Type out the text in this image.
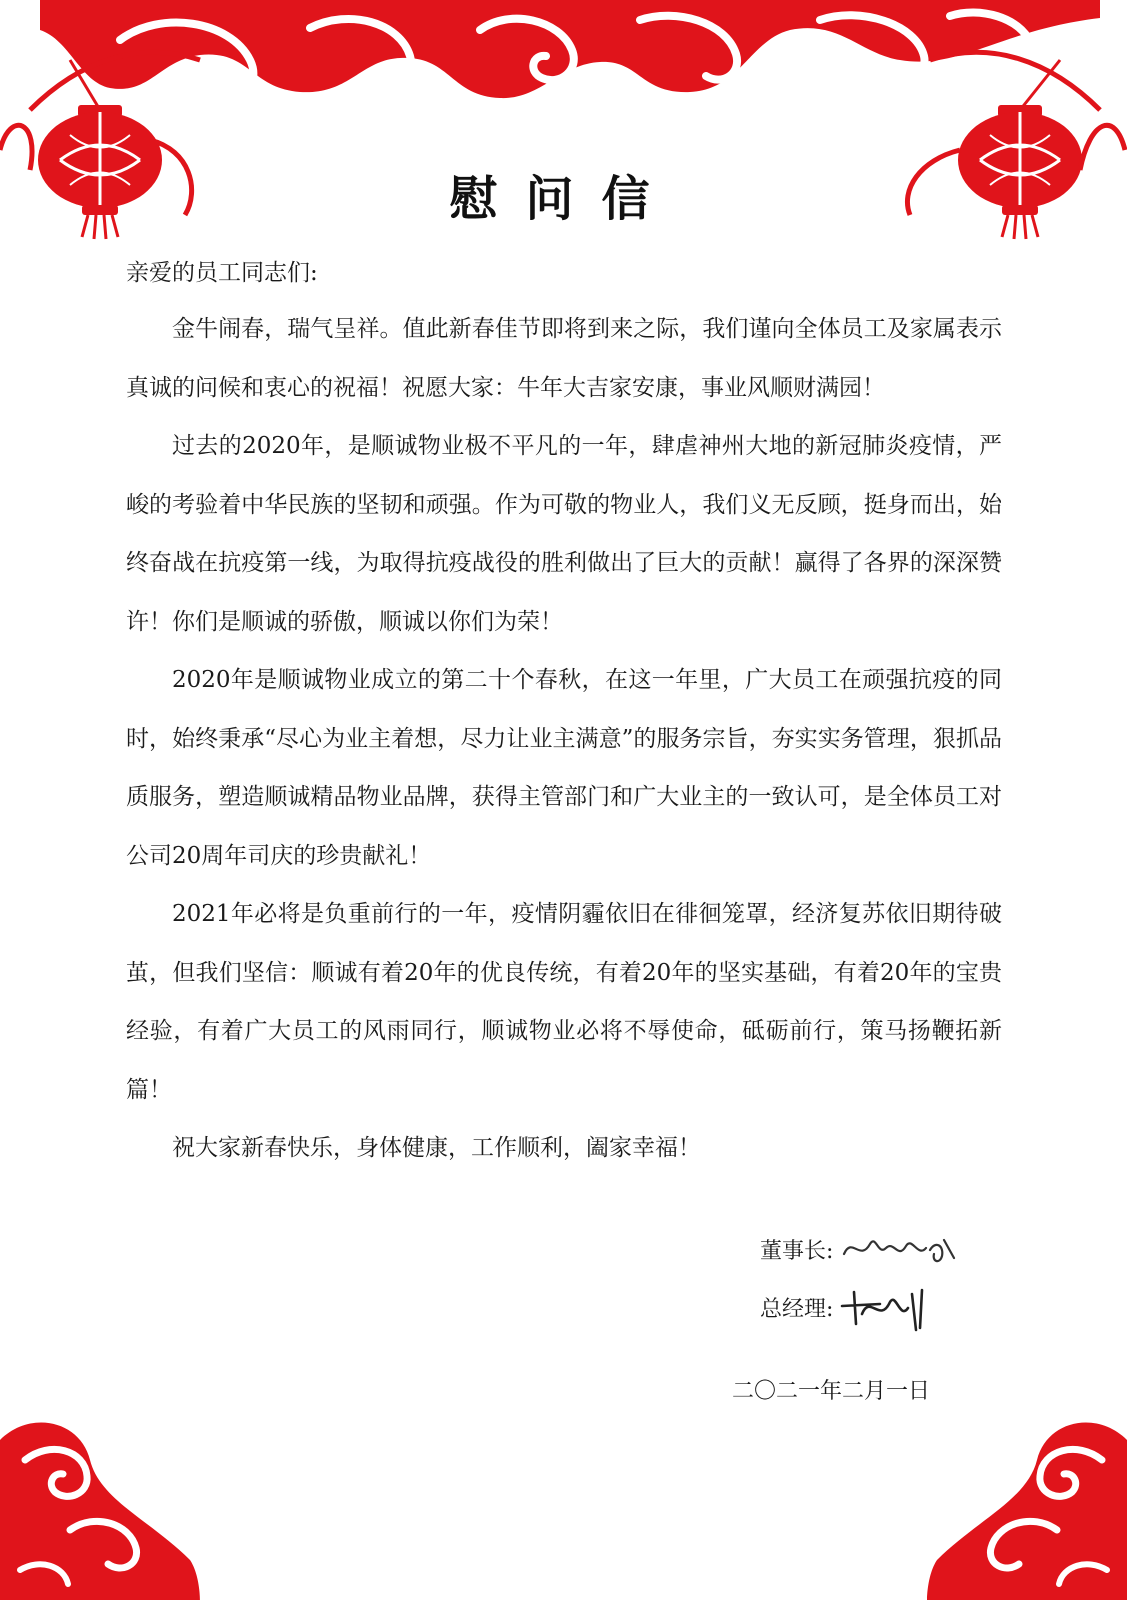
慰问信

亲爱的员工同志们:

金牛闹春，瑞气呈祥。值此新春佳节即将到来之际，我们谨向全体员工及家属表示真诚的问候和衷心的祝福！祝愿大家：牛年大吉家安康，事业风顺财满园！

过去的2020年，是顺诚物业极不平凡的一年，肆虐神州大地的新冠肺炎疫情，严峻的考验着中华民族的坚韧和顽强。作为可敬的物业人，我们义无反顾，挺身而出，始终奋战在抗疫第一线，为取得抗疫战役的胜利做出了巨大的贡献！赢得了各界的深深赞许！你们是顺诚的骄傲，顺诚以你们为荣！

2020年是顺诚物业成立的第二十个春秋，在这一年里，广大员工在顽强抗疫的同时，始终秉承“尽心为业主着想，尽力让业主满意”的服务宗旨，夯实实务管理，狠抓品质服务，塑造顺诚精品物业品牌，获得主管部门和广大业主的一致认可，是全体员工对公司20周年司庆的珍贵献礼！

2021年必将是负重前行的一年，疫情阴霾依旧在徘徊笼罩，经济复苏依旧期待破茧，但我们坚信：顺诚有着20年的优良传统，有着20年的坚实基础，有着20年的宝贵经验，有着广大员工的风雨同行，顺诚物业必将不辱使命，砥砺前行，策马扬鞭拓新篇！

祝大家新春快乐，身体健康，工作顺利，阖家幸福！

董事长:
总经理:
二〇二一年二月一日
